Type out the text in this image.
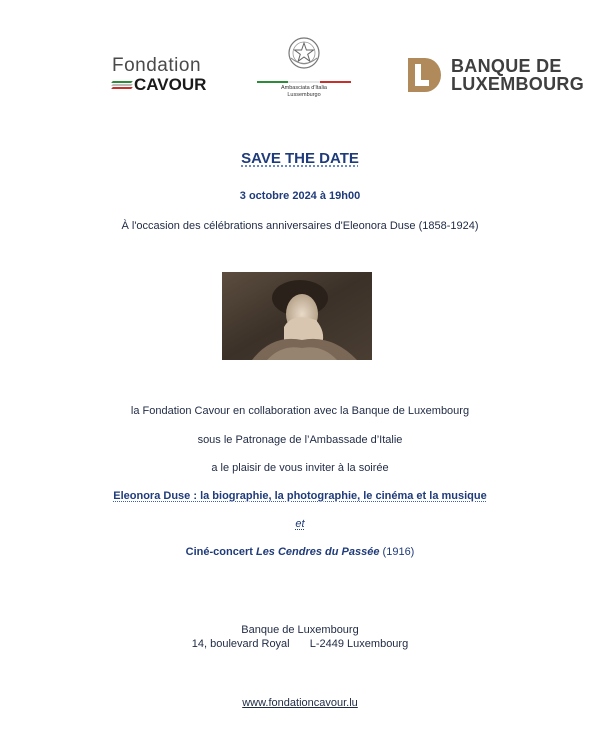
Fondation
CAVOUR	Ambasciata d'Italia
Lussemburgo
BANQUE DE
LUXEMBOURG
SAVE THE DATE
3 octobre 2024 à 19h00
À l'occasion des célébrations anniversaires d'Eleonora Duse (1858-1924)
la Fondation Cavour en collaboration avec la Banque de Luxembourg
sous le Patronage de l’Ambassade d’Italie
a le plaisir de vous inviter à la soirée
Eleonora Duse : la biographie, la photographie, le cinéma et la musique
et
Ciné-concert Les Cendres du Passée (1916)
Banque de Luxembourg
14, boulevard Royal L-2449 Luxembourg
www.fondationcavour.lu
